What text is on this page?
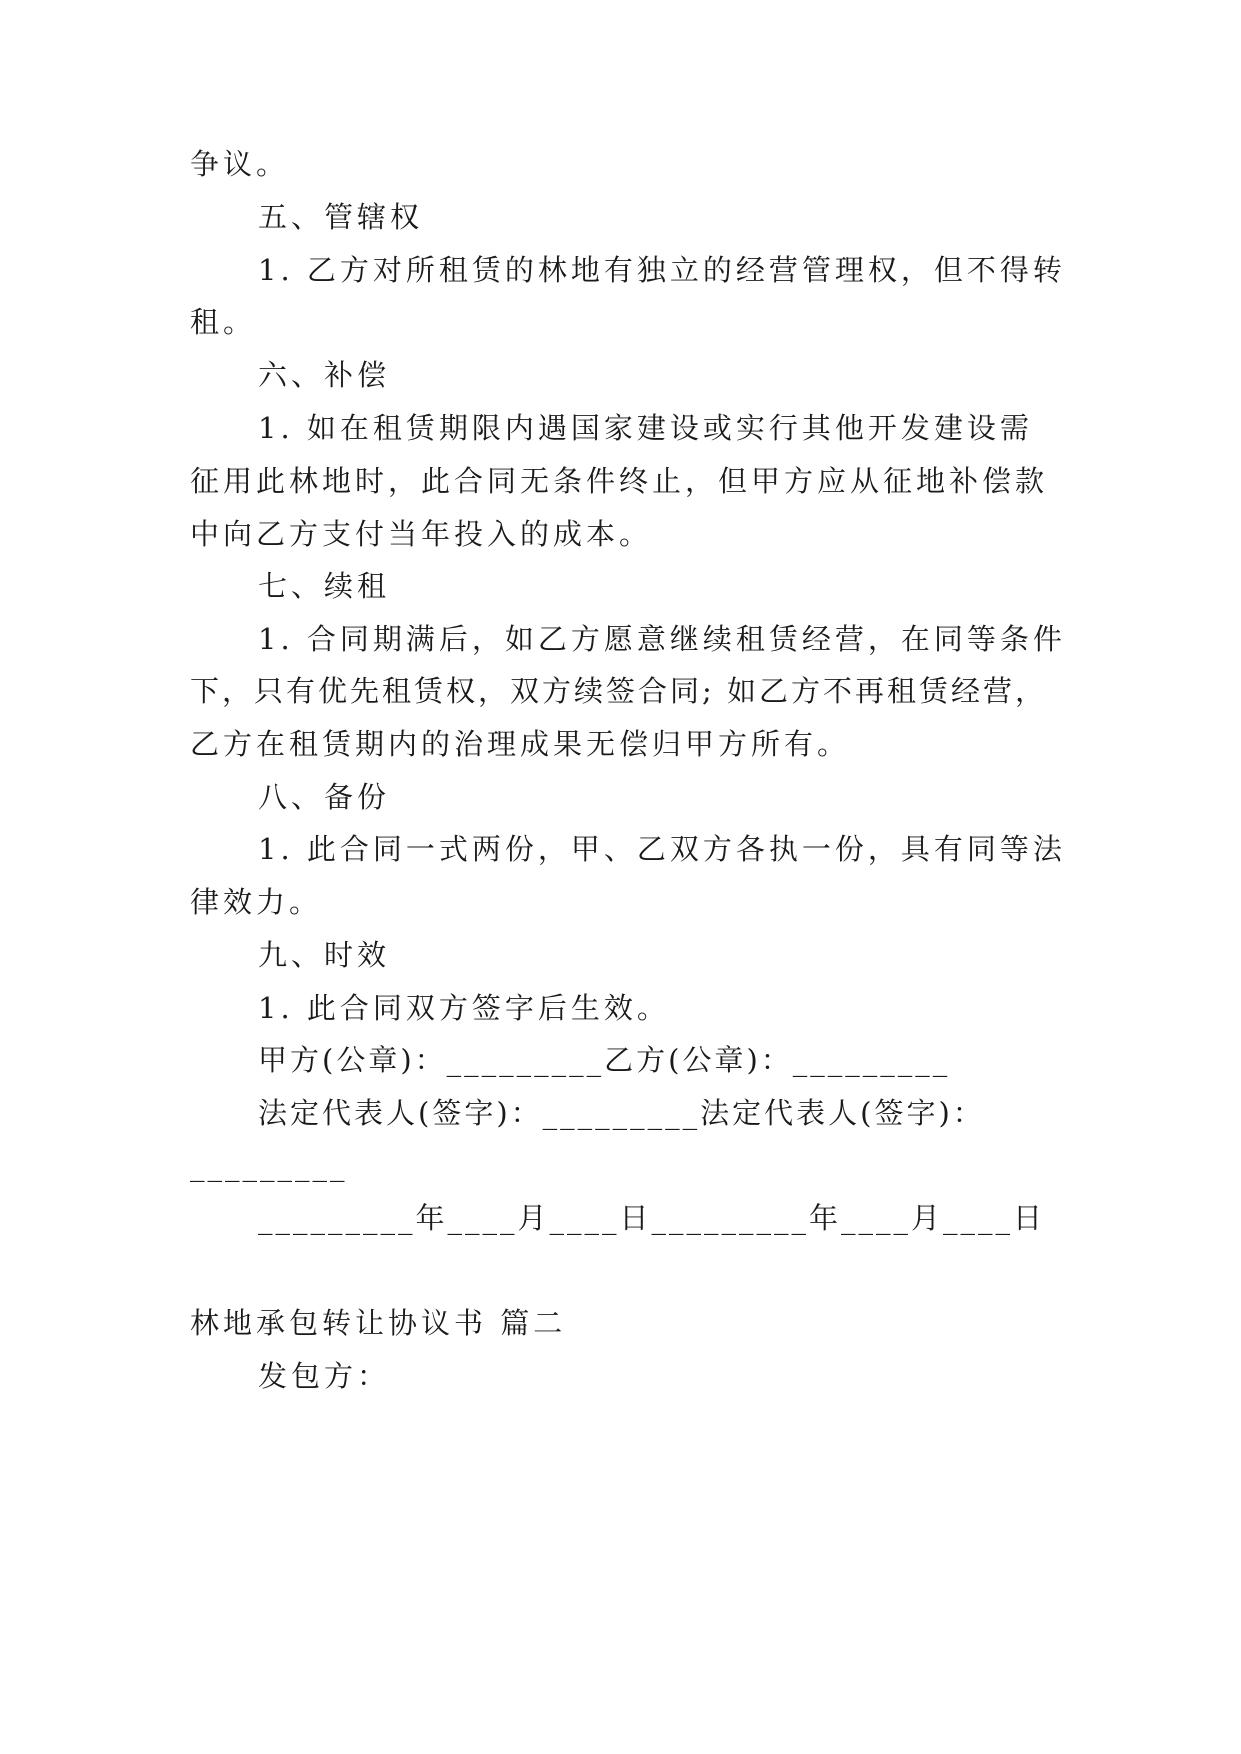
争议。
五、管辖权
1. 乙方对所租赁的林地有独立的经营管理权，但不得转
租。
六、补偿
1. 如在租赁期限内遇国家建设或实行其他开发建设需
征用此林地时，此合同无条件终止，但甲方应从征地补偿款
中向乙方支付当年投入的成本。
七、续租
1. 合同期满后，如乙方愿意继续租赁经营，在同等条件
下，只有优先租赁权，双方续签合同; 如乙方不再租赁经营，
乙方在租赁期内的治理成果无偿归甲方所有。
八、备份
1. 此合同一式两份，甲、乙双方各执一份，具有同等法
律效力。
九、时效
1. 此合同双方签字后生效。
甲方(公章)：_________乙方(公章)：_________
法定代表人(签字)：_________法定代表人(签字)：
_________
_________年____月____日_________年____月____日
林地承包转让协议书 篇二
发包方：
